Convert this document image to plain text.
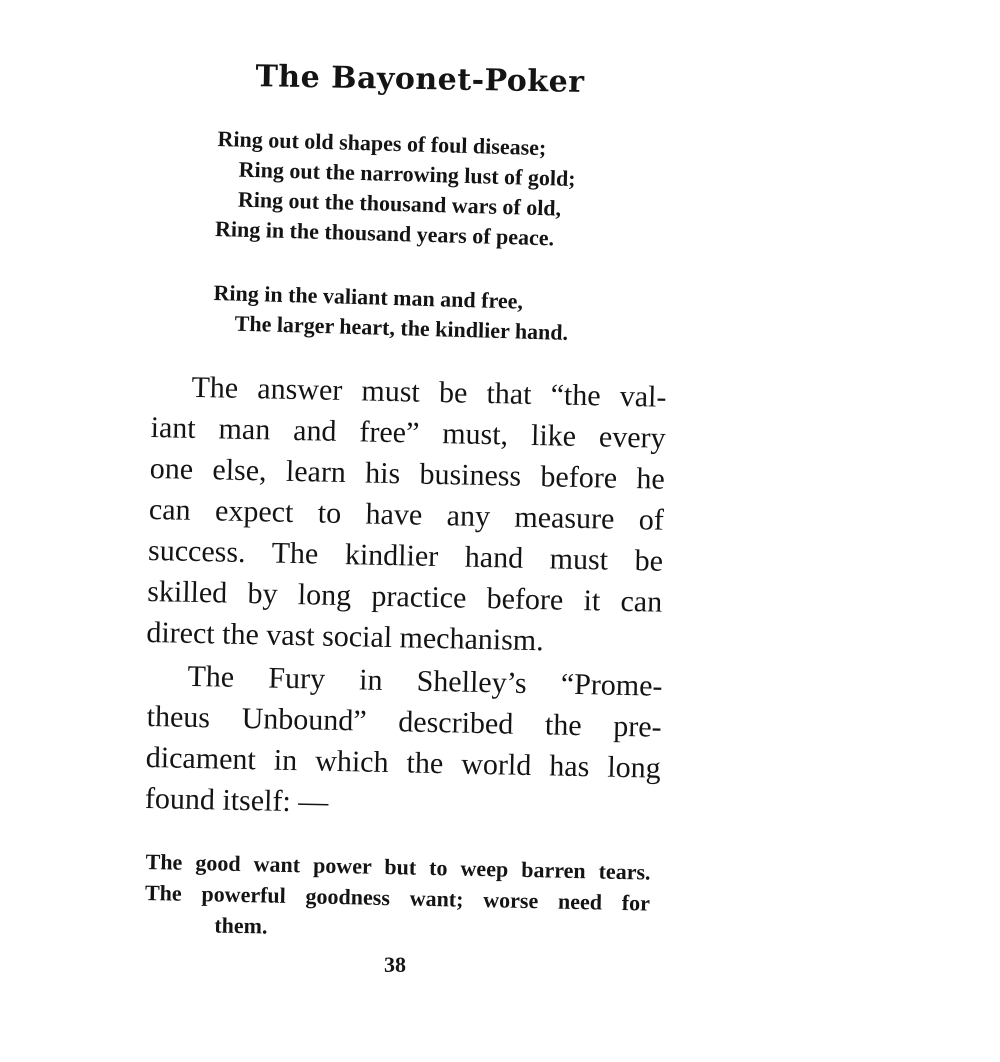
The Bayonet-Poker
Ring out old shapes of foul disease;
Ring out the narrowing lust of gold;
Ring out the thousand wars of old,
Ring in the thousand years of peace.
Ring in the valiant man and free,
The larger heart, the kindlier hand.
The answer must be that “the val-
iant man and free” must, like every
one else, learn his business before he
can expect to have any measure of
success. The kindlier hand must be
skilled by long practice before it can
direct the vast social mechanism.
The Fury in Shelley’s “Prome-
theus Unbound” described the pre-
dicament in which the world has long
found itself: —
The good want power but to weep barren tears.
The powerful goodness want; worse need for
them.
38
